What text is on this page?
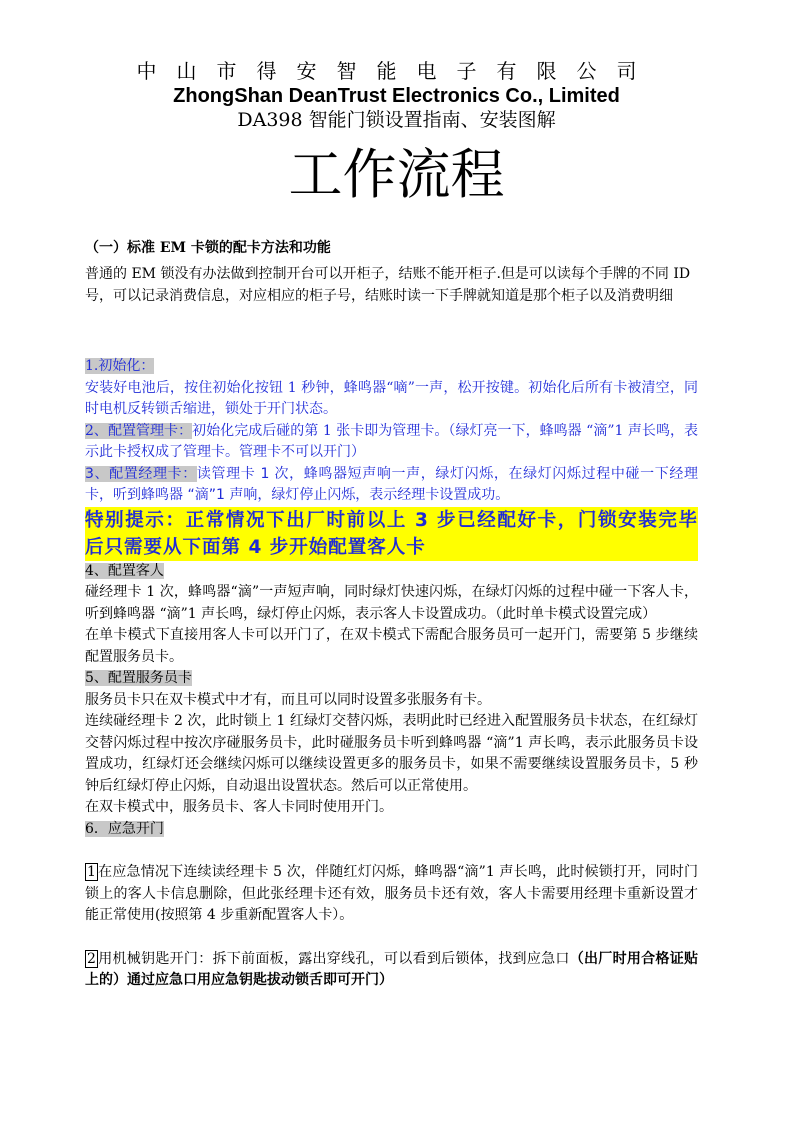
中山市得安智能电子有限公司
ZhongShan DeanTrust Electronics Co., Limited
DA398 智能门锁设置指南、安装图解
工作流程
（一）标准 EM 卡锁的配卡方法和功能
普通的 EM 锁没有办法做到控制开台可以开柜子，结账不能开柜子.但是可以读每个手牌的不同 ID 号，可以记录消费信息，对应相应的柜子号，结账时读一下手牌就知道是那个柜子以及消费明细

1.初始化：
安装好电池后，按住初始化按钮 1 秒钟，蜂鸣器“嘀”一声，松开按键。初始化后所有卡被清空，同时电机反转锁舌缩进，锁处于开门状态。

2、配置管理卡：初始化完成后碰的第 1 张卡即为管理卡。（绿灯亮一下，蜂鸣器 “滴”1 声长鸣，表示此卡授权成了管理卡。管理卡不可以开门）

3、配置经理卡：读管理卡 1 次，蜂鸣器短声响一声，绿灯闪烁，在绿灯闪烁过程中碰一下经理卡，听到蜂鸣器 “滴”1 声响，绿灯停止闪烁，表示经理卡设置成功。

特别提示：正常情况下出厂时前以上 3 步已经配好卡，门锁安装完毕后只需要从下面第 4 步开始配置客人卡

4、配置客人
碰经理卡 1 次，蜂鸣器“滴”一声短声响，同时绿灯快速闪烁，在绿灯闪烁的过程中碰一下客人卡，听到蜂鸣器 “滴”1 声长鸣，绿灯停止闪烁，表示客人卡设置成功。（此时单卡模式设置完成）

在单卡模式下直接用客人卡可以开门了，在双卡模式下需配合服务员可一起开门，需要第 5 步继续配置服务员卡。

5、配置服务员卡

服务员卡只在双卡模式中才有，而且可以同时设置多张服务有卡。

连续碰经理卡 2 次，此时锁上 1 红绿灯交替闪烁，表明此时已经进入配置服务员卡状态，在红绿灯交替闪烁过程中按次序碰服务员卡，此时碰服务员卡听到蜂鸣器 “滴”1 声长鸣，表示此服务员卡设置成功，红绿灯还会继续闪烁可以继续设置更多的服务员卡，如果不需要继续设置服务员卡，5 秒钟后红绿灯停止闪烁，自动退出设置状态。然后可以正常使用。

在双卡模式中，服务员卡、客人卡同时使用开门。

6．应急开门

1 在应急情况下连续读经理卡 5 次，伴随红灯闪烁，蜂鸣器“滴”1 声长鸣，此时候锁打开，同时门锁上的客人卡信息删除，但此张经理卡还有效，服务员卡还有效，客人卡需要用经理卡重新设置才能正常使用(按照第 4 步重新配置客人卡）。

2 用机械钥匙开门：拆下前面板，露出穿线孔，可以看到后锁体，找到应急口（出厂时用合格证贴上的）通过应急口用应急钥匙拔动锁舌即可开门）
